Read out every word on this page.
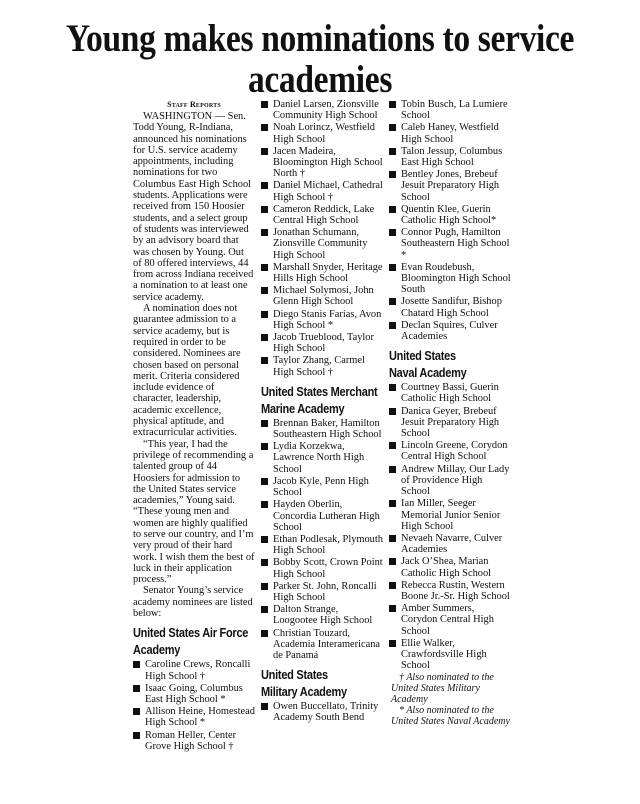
Young makes nominations to service academies
Staff Reports

WASHINGTON — Sen. Todd Young, R-Indiana, announced his nominations for U.S. service academy appointments, including nominations for two Columbus East High School students. Applications were received from 150 Hoosier students, and a select group of students was interviewed by an advisory board that was chosen by Young. Out of 80 offered interviews, 44 from across Indiana received a nomination to at least one service academy.

A nomination does not guarantee admission to a service academy, but is required in order to be considered. Nominees are chosen based on personal merit. Criteria considered include evidence of character, leadership, academic excellence, physical aptitude, and extracurricular activities.

“This year, I had the privilege of recommending a talented group of 44 Hoosiers for admission to the United States service academies,” Young said. “These young men and women are highly qualified to serve our country, and I’m very proud of their hard work. I wish them the best of luck in their application process.”

Senator Young’s service academy nominees are listed below:

United States Air Force Academy
Caroline Crews, Roncalli High School †
Isaac Going, Columbus East High School *
Allison Heine, Homestead High School *
Roman Heller, Center Grove High School †
Daniel Larsen, Zionsville Community High School
Noah Lorincz, Westfield High School
Jacen Madeira, Bloomington High School North †
Daniel Michael, Cathedral High School †
Cameron Reddick, Lake Central High School
Jonathan Schumann, Zionsville Community High School
Marshall Snyder, Heritage Hills High School
Michael Solymosi, John Glenn High School
Diego Stanis Farias, Avon High School *
Jacob Trueblood, Taylor High School
Taylor Zhang, Carmel High School †
United States Merchant Marine Academy
Brennan Baker, Hamilton Southeastern High School
Lydia Korzekwa, Lawrence North High School
Jacob Kyle, Penn High School
Hayden Oberlin, Concordia Lutheran High School
Ethan Podlesak, Plymouth High School
Bobby Scott, Crown Point High School
Parker St. John, Roncalli High School
Dalton Strange, Loogootee High School
Christian Touzard, Academia Interamericana de Panamá
United States Military Academy
Owen Buccellato, Trinity Academy South Bend
Tobin Busch, La Lumiere School
Caleb Haney, Westfield High School
Talon Jessup, Columbus East High School
Bentley Jones, Brebeuf Jesuit Preparatory High School
Quentin Klee, Guerin Catholic High School*
Connor Pugh, Hamilton Southeastern High School *
Evan Roudebush, Bloomington High School South
Josette Sandifur, Bishop Chatard High School
Declan Squires, Culver Academies
United States Naval Academy
Courtney Bassi, Guerin Catholic High School
Danica Geyer, Brebeuf Jesuit Preparatory High School
Lincoln Greene, Corydon Central High School
Andrew Millay, Our Lady of Providence High School
Ian Miller, Seeger Memorial Junior Senior High School
Nevaeh Navarre, Culver Academies
Jack O’Shea, Marian Catholic High School
Rebecca Rustin, Western Boone Jr.-Sr. High School
Amber Summers, Corydon Central High School
Ellie Walker, Crawfordsville High School
† Also nominated to the United States Military Academy
* Also nominated to the United States Naval Academy
